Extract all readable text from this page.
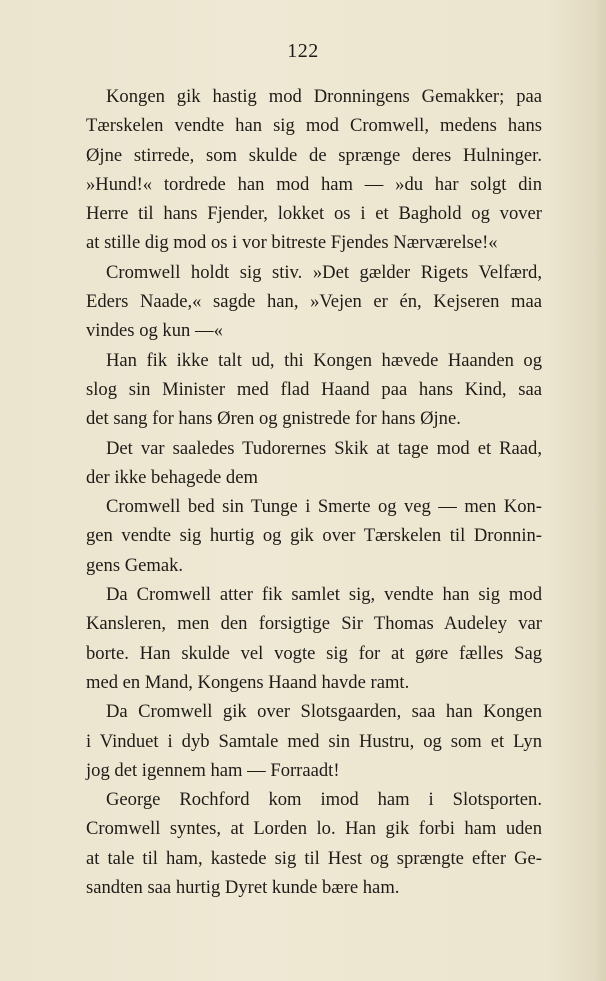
122
Kongen gik hastig mod Dronningens Gemakker; paa
Tærskelen vendte han sig mod Cromwell, medens hans
Øjne stirrede, som skulde de sprænge deres Hulninger.
»Hund!« tordrede han mod ham — »du har solgt din
Herre til hans Fjender, lokket os i et Baghold og vover
at stille dig mod os i vor bitreste Fjendes Nærværelse!«
Cromwell holdt sig stiv. »Det gælder Rigets Velfærd,
Eders Naade,« sagde han, »Vejen er én, Kejseren maa
vindes og kun —«
Han fik ikke talt ud, thi Kongen hævede Haanden og
slog sin Minister med flad Haand paa hans Kind, saa
det sang for hans Øren og gnistrede for hans Øjne.
Det var saaledes Tudorernes Skik at tage mod et Raad,
der ikke behagede dem
Cromwell bed sin Tunge i Smerte og veg — men Kon-
gen vendte sig hurtig og gik over Tærskelen til Dronnin-
gens Gemak.
Da Cromwell atter fik samlet sig, vendte han sig mod
Kansleren, men den forsigtige Sir Thomas Audeley var
borte. Han skulde vel vogte sig for at gøre fælles Sag
med en Mand, Kongens Haand havde ramt.
Da Cromwell gik over Slotsgaarden, saa han Kongen
i Vinduet i dyb Samtale med sin Hustru, og som et Lyn
jog det igennem ham — Forraadt!
George Rochford kom imod ham i Slotsporten.
Cromwell syntes, at Lorden lo. Han gik forbi ham uden
at tale til ham, kastede sig til Hest og sprængte efter Ge-
sandten saa hurtig Dyret kunde bære ham.
